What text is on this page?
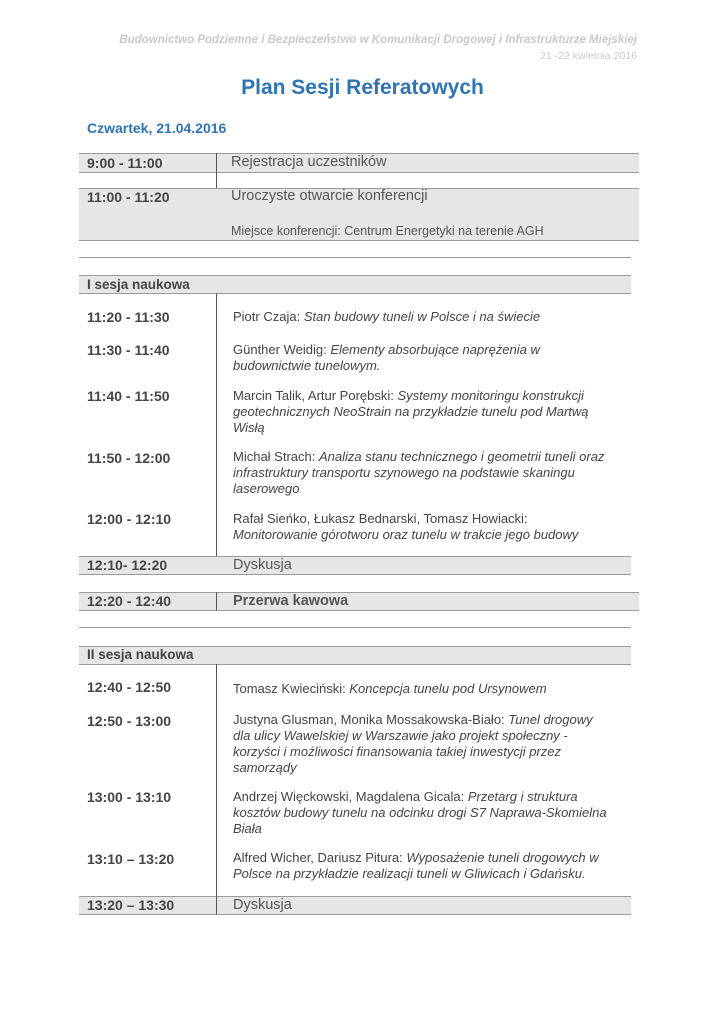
Budownictwo Podziemne i Bezpieczeństwo w Komunikacji Drogowej i Infrastrukturze Miejskiej
21 -22 kwietnia 2016
Plan Sesji Referatowych
Czwartek, 21.04.2016
9:00 - 11:00	Rejestracja uczestników
11:00 - 11:20	Uroczyste otwarcie konferencji
Miejsce konferencji: Centrum Energetyki na terenie AGH
I sesja naukowa
11:20 - 11:30	Piotr Czaja: Stan budowy tuneli w Polsce i na świecie
11:30 - 11:40	Günther Weidig: Elementy absorbujące naprężenia w budownictwie tunelowym.
11:40 - 11:50	Marcin Talik, Artur Porębski: Systemy monitoringu konstrukcji geotechnicznych NeoStrain na przykładzie tunelu pod Martwą Wisłą
11:50 - 12:00	Michał Strach: Analiza stanu technicznego i geometrii tuneli oraz infrastruktury transportu szynowego na podstawie skaningu laserowego
12:00 - 12:10	Rafał Sieńko, Łukasz Bednarski, Tomasz Howiacki: Monitorowanie górotworu oraz tunelu w trakcie jego budowy
12:10- 12:20	Dyskusja
12:20 - 12:40	Przerwa kawowa
II sesja naukowa
12:40 - 12:50	Tomasz Kwieciński: Koncepcja tunelu pod Ursynowem
12:50 - 13:00	Justyna Glusman, Monika Mossakowska-Biało: Tunel drogowy dla ulicy Wawelskiej w Warszawie jako projekt społeczny - korzyści i możliwości finansowania takiej inwestycji przez samorządy
13:00 - 13:10	Andrzej Więckowski, Magdalena Gicala: Przetarg i struktura kosztów budowy tunelu na odcinku drogi S7 Naprawa-Skomielna Biała
13:10 – 13:20	Alfred Wicher, Dariusz Pitura: Wyposażenie tuneli drogowych w Polsce na przykładzie realizacji tuneli w Gliwicach i Gdańsku.
13:20 – 13:30	Dyskusja
